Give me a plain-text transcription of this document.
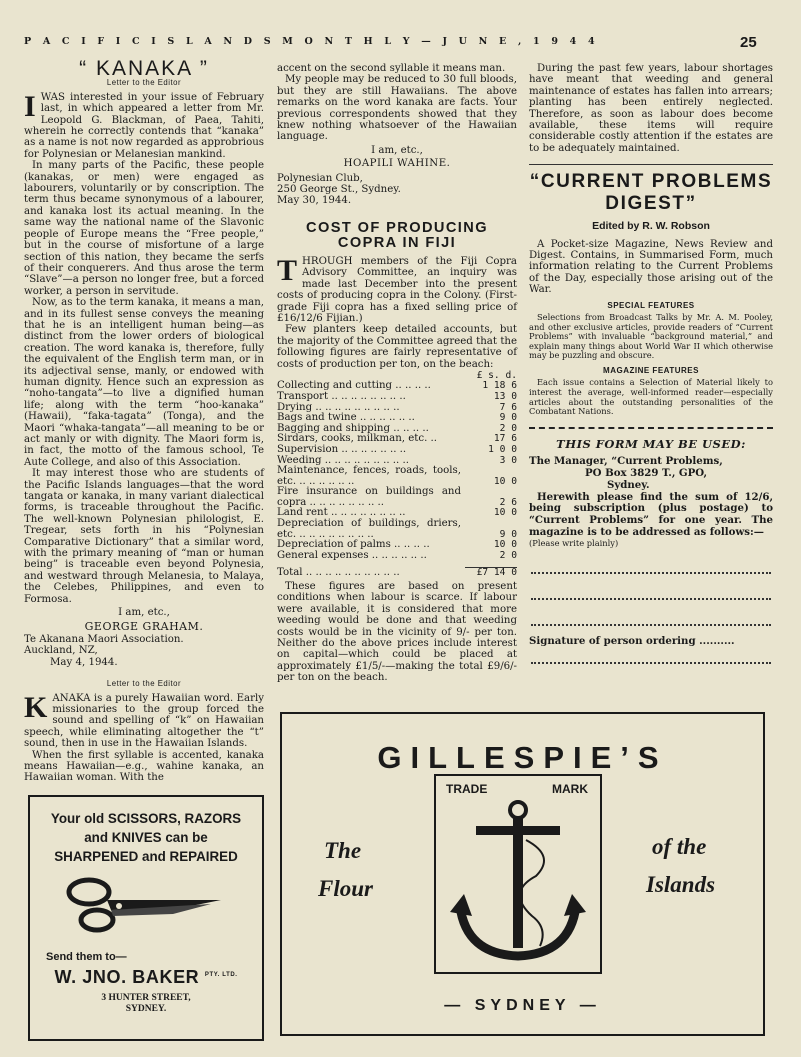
P A C I F I C I S L A N D S M O N T H L Y — J U N E , 1 9 4 4	25
“ KANAKA ”
Letter to the Editor

IWAS interested in your issue of February last, in which appeared a letter from Mr. Leopold G. Blackman, of Paea, Tahiti, wherein he correctly contends that “kanaka” as a name is not now regarded as approbrious for Polynesian or Melanesian mankind.

In many parts of the Pacific, these people (kanakas, or men) were engaged as labourers, voluntarily or by conscription. The term thus became synonymous of a labourer, and kanaka lost its actual meaning. In the same way the national name of the Slavonic people of Europe means the “Free people,” but in the course of misfortune of a large section of this nation, they became the serfs of their conquerers. And thus arose the term “Slave”—a person no longer free, but a forced worker, a person in servitude.

Now, as to the term kanaka, it means a man, and in its fullest sense conveys the meaning that he is an intelligent human being—as distinct from the lower orders of biological creation. The word kanaka is, therefore, fully the equivalent of the English term man, or in its adjectival sense, manly, or endowed with human dignity. Hence such an expression as “noho-tangata”—to live a dignified human life; along with the term “hoo-kanaka” (Hawaii), “faka-tagata” (Tonga), and the Maori “whaka-tangata”—all meaning to be or act manly or with dignity. The Maori form is, in fact, the motto of the famous school, Te Aute College, and also of this Association.

It may interest those who are students of the Pacific Islands languages—that the word tangata or kanaka, in many variant dialectical forms, is traceable throughout the Pacific. The well-known Polynesian philologist, E. Tregear, sets forth in his “Polynesian Comparative Dictionary” that a similar word, with the primary meaning of “man or human being” is traceable even beyond Polynesia, and westward through Melanesia, to Malaya, the Celebes, Philippines, and even to Formosa.

I am, etc.,

GEORGE GRAHAM.

Te Akanana Maori Association.

Auckland, NZ,

May 4, 1944.

Letter to the Editor

KANAKA is a purely Hawaiian word. Early missionaries to the group forced the sound and spelling of “k” on Hawaiian speech, while eliminating altogether the “t” sound, then in use in the Hawaiian Islands.

When the first syllable is accented, kanaka means Hawaiian—e.g., wahine kanaka, an Hawaiian woman. With the

accent on the second syllable it means man.

My people may be reduced to 30 full bloods, but they are still Hawaiians. The above remarks on the word kanaka are facts. Your previous correspondents showed that they knew nothing whatsoever of the Hawaiian language.

I am, etc.,

HOAPILI WAHINE.

Polynesian Club,

250 George St., Sydney.

May 30, 1944.

COST OF PRODUCING COPRA IN FIJI

THROUGH members of the Fiji Copra Advisory Committee, an inquiry was made last December into the present costs of producing copra in the Colony. (First-grade Fiji copra has a fixed selling price of £16/12/6 Fijian.)

Few planters keep detailed accounts, but the majority of the Committee agreed that the following figures are fairly representative of costs of production per ton, on the beach:

£ s. d.
Collecting and cutting .. .. .. ..	1 18 6
Transport .. .. .. .. .. .. .. ..	13 0
Drying .. .. .. .. .. .. .. .. ..	7 6
Bags and twine .. .. .. .. .. ..	9 0
Bagging and shipping .. .. .. ..	2 0
Sirdars, cooks, milkman, etc. ..	17 6
Supervision .. .. .. .. .. .. ..	1 0 0
Weeding .. .. .. .. .. .. .. .. ..	3 0
Maintenance, fences, roads, tools, etc. .. .. .. .. .. ..	10 0
Fire insurance on buildings and copra .. .. .. .. .. .. .. ..	2 6
Land rent .. .. .. .. .. .. .. ..	10 0
Depreciation of buildings, driers, etc. .. .. .. .. .. .. .. ..	9 0
Depreciation of palms .. .. .. ..	10 0
General expenses .. .. .. .. .. ..	2 0
Total .. .. .. .. .. .. .. .. .. ..	£7 14 0

These figures are based on present conditions when labour is scarce. If labour were available, it is considered that more weeding would be done and that weeding costs would be in the vicinity of 9/- per ton. Neither do the above prices include interest on capital—which could be placed at approximately £1/5/-—making the total £9/6/- per ton on the beach.

During the past few years, labour shortages have meant that weeding and general maintenance of estates has fallen into arrears; planting has been entirely neglected. Therefore, as soon as labour does become available, these items will require considerable costly attention if the estates are to be adequately maintained.

“CURRENT PROBLEMS DIGEST”
Edited by R. W. Robson

A Pocket-size Magazine, News Review and Digest. Contains, in Summarised Form, much information relating to the Current Problems of the Day, especially those arising out of the War.

SPECIAL FEATURES

Selections from Broadcast Talks by Mr. A. M. Pooley, and other exclusive articles, provide readers of “Current Problems” with invaluable “background material,” and explain many things about World War II which otherwise may be puzzling and obscure.

MAGAZINE FEATURES

Each issue contains a Selection of Material likely to interest the average, well-informed reader—especially articles about the outstanding personalities of the Combatant Nations.

THIS FORM MAY BE USED:

The Manager, “Current Problems,

PO Box 3829 T., GPO,

Sydney.

Herewith please find the sum of 12/6, being subscription (plus postage) to “Current Problems” for one year. The magazine is to be addressed as follows:—

(Please write plainly)

Signature of person ordering ..........

Your old SCISSORS, RAZORS
and KNIVES can be
SHARPENED and REPAIRED
Send them to—
W. JNO. BAKER $^{PTY. LTD.}$
3 HUNTER STREET,
SYDNEY.
GILLESPIE’S
TRADE	MARK
The
Flour
of the
Islands
— SYDNEY —
